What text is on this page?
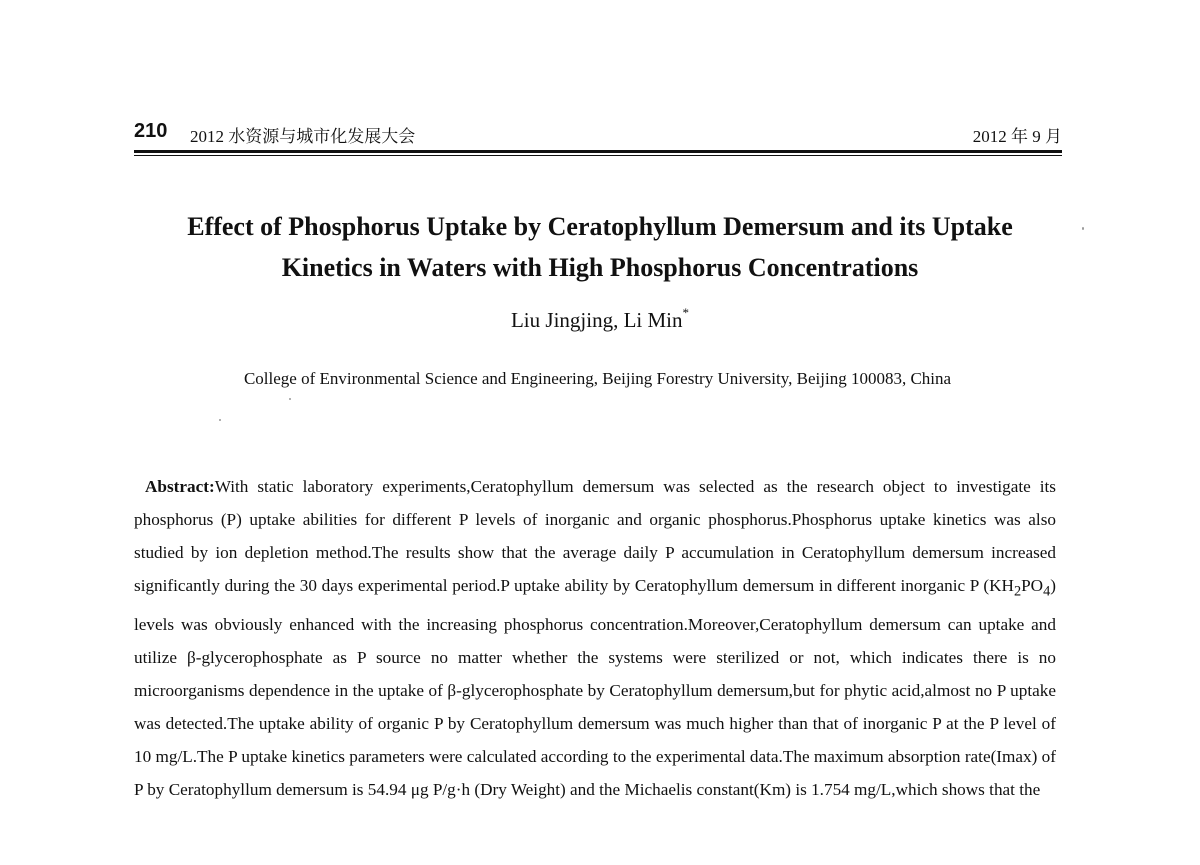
210 2012 水资源与城市化发展大会	2012 年 9 月
Effect of Phosphorus Uptake by Ceratophyllum Demersum and its Uptake
Kinetics in Waters with High Phosphorus Concentrations
Liu Jingjing, Li Min*
College of Environmental Science and Engineering, Beijing Forestry University, Beijing 100083, China
Abstract:With static laboratory experiments,Ceratophyllum demersum was selected as the research object to investigate its phosphorus (P) uptake abilities for different P levels of inorganic and organic phosphorus.Phosphorus uptake kinetics was also studied by ion depletion method.The results show that the average daily P accumulation in Ceratophyllum demersum increased significantly during the 30 days experimental period.P uptake ability by Ceratophyllum demersum in different inorganic P $(KH_2PO_4)$ levels was obviously enhanced with the increasing phosphorus concentration.Moreover,Ceratophyllum demersum can uptake and utilize β-glycerophosphate as P source no matter whether the systems were sterilized or not, which indicates there is no microorganisms dependence in the uptake of β-glycerophosphate by Ceratophyllum demersum,but for phytic acid,almost no P uptake was detected.The uptake ability of organic P by Ceratophyllum demersum was much higher than that of inorganic P at the P level of 10 mg/L.The P uptake kinetics parameters were calculated according to the experimental data.The maximum absorption rate(Imax) of P by Ceratophyllum demersum is 54.94 μg P/g·h (Dry Weight) and the Michaelis constant(Km) is 1.754 mg/L,which shows that the
